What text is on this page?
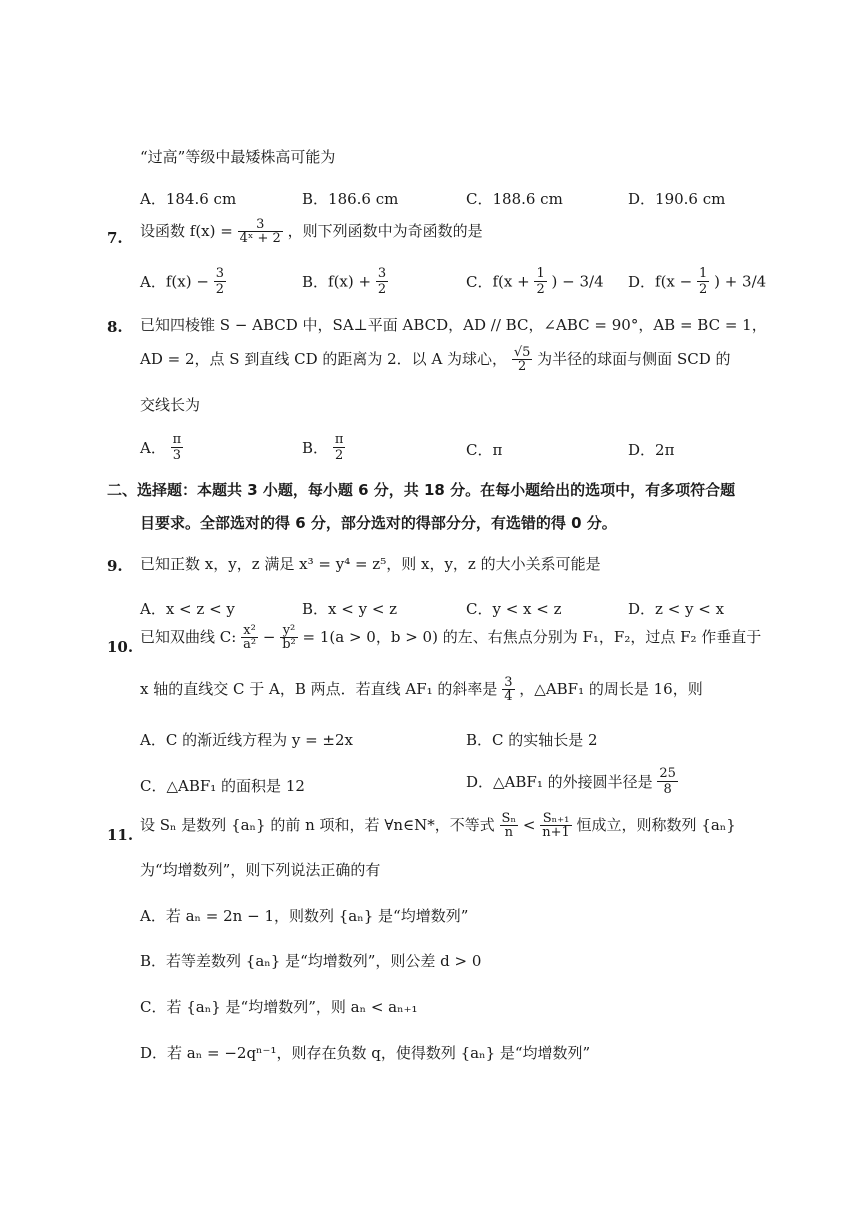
“过高”等级中最矮株高可能为
A．184.6 cm	B．186.6 cm	C．188.6 cm	D．190.6 cm
7. 设函数 $f(x) = \frac{3}{\text{4ˣ + 2}}$ ，则下列函数中为奇函数的是
A．$f(x) - \frac{3}{2}$	B．$f(x) + \frac{3}{2}$	C．$f(x + \frac{1}{2}$ ) − 3/4 D．$f(x - \frac{1}{2}$ ) + 3/4
8. 已知四棱锥 S − ABCD 中，SA⊥平面 ABCD，AD // BC，∠ABC = 90°，AB = BC = 1，
AD = 2，点 S 到直线 CD 的距离为 2．以 A 为球心， $\frac{√5}{2}$ 为半径的球面与侧面 SCD 的
交线长为
A． $\frac{\pi}{3}$	B． $\frac{\pi}{2}$	C．π	D．2π
二、选择题：本题共 3 小题，每小题 6 分，共 18 分。在每小题给出的选项中，有多项符合题
目要求。全部选对的得 6 分，部分选对的得部分分，有选错的得 0 分。
9. 已知正数 x，y，z 满足 x³ = y⁴ = z⁵，则 x，y，z 的大小关系可能是
A．x < z < y	B．x < y < z	C．y < x < z	D．z < y < x
10.
已知双曲线 C: $\frac{\text{x²}}{\text{a²}} - \frac{\text{y²}}{\text{b²}} = 1(a > 0$，b > 0) 的左、右焦点分别为 F₁，F₂，过点 F₂ 作垂直于
x 轴的直线交 C 于 A，B 两点．若直线 AF₁ 的斜率是 $\frac{3}{4}$ ，△ABF₁ 的周长是 16，则
A．C 的渐近线方程为 y = ±2x	B．C 的实轴长是 2
C．△ABF₁ 的面积是 12	D．△ABF₁ 的外接圆半径是 $\frac{25}{8}$
11.
设 Sₙ 是数列 {aₙ} 的前 n 项和，若 ∀n∈N*，不等式 $\frac{\text{Sₙ}}{n} < \frac{\text{Sₙ₊₁}}{n+1}$ 恒成立，则称数列 {aₙ}
为“均增数列”，则下列说法正确的有
A．若 aₙ = 2n − 1，则数列 {aₙ} 是“均增数列”
B．若等差数列 {aₙ} 是“均增数列”，则公差 d > 0
C．若 {aₙ} 是“均增数列”，则 aₙ < aₙ₊₁
D．若 aₙ = −2qⁿ⁻¹，则存在负数 q，使得数列 {aₙ} 是“均增数列”
